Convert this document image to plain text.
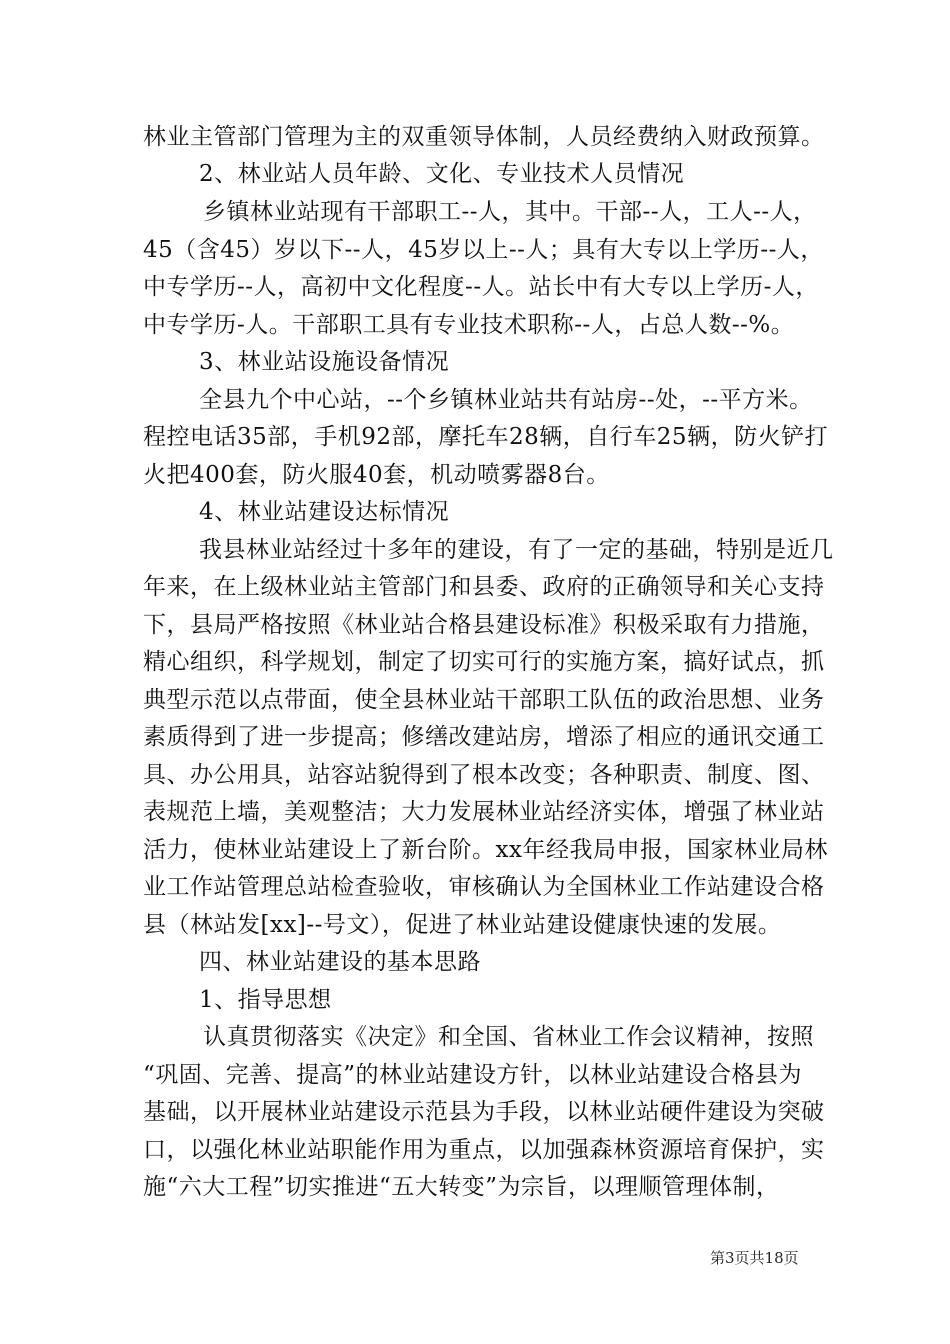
林业主管部门管理为主的双重领导体制，人员经费纳入财政预算。
2、林业站人员年龄、文化、专业技术人员情况
乡镇林业站现有干部职工--人，其中。干部--人，工人--人，
45（含45）岁以下--人，45岁以上--人；具有大专以上学历--人，
中专学历--人，高初中文化程度--人。站长中有大专以上学历-人，
中专学历-人。干部职工具有专业技术职称--人，占总人数--%。
3、林业站设施设备情况
全县九个中心站，--个乡镇林业站共有站房--处，--平方米。
程控电话35部，手机92部，摩托车28辆，自行车25辆，防火铲打
火把400套，防火服40套，机动喷雾器8台。
4、林业站建设达标情况
我县林业站经过十多年的建设，有了一定的基础，特别是近几
年来，在上级林业站主管部门和县委、政府的正确领导和关心支持
下，县局严格按照《林业站合格县建设标准》积极采取有力措施，
精心组织，科学规划，制定了切实可行的实施方案，搞好试点，抓
典型示范以点带面，使全县林业站干部职工队伍的政治思想、业务
素质得到了进一步提高；修缮改建站房，增添了相应的通讯交通工
具、办公用具，站容站貌得到了根本改变；各种职责、制度、图、
表规范上墙，美观整洁；大力发展林业站经济实体，增强了林业站
活力，使林业站建设上了新台阶。xx年经我局申报，国家林业局林
业工作站管理总站检查验收，审核确认为全国林业工作站建设合格
县（林站发[xx]--号文），促进了林业站建设健康快速的发展。
四、林业站建设的基本思路
1、指导思想
认真贯彻落实《决定》和全国、省林业工作会议精神，按照
“巩固、完善、提高”的林业站建设方针，以林业站建设合格县为
基础，以开展林业站建设示范县为手段，以林业站硬件建设为突破
口，以强化林业站职能作用为重点，以加强森林资源培育保护，实
施“六大工程”切实推进“五大转变”为宗旨，以理顺管理体制，
第3页共18页
